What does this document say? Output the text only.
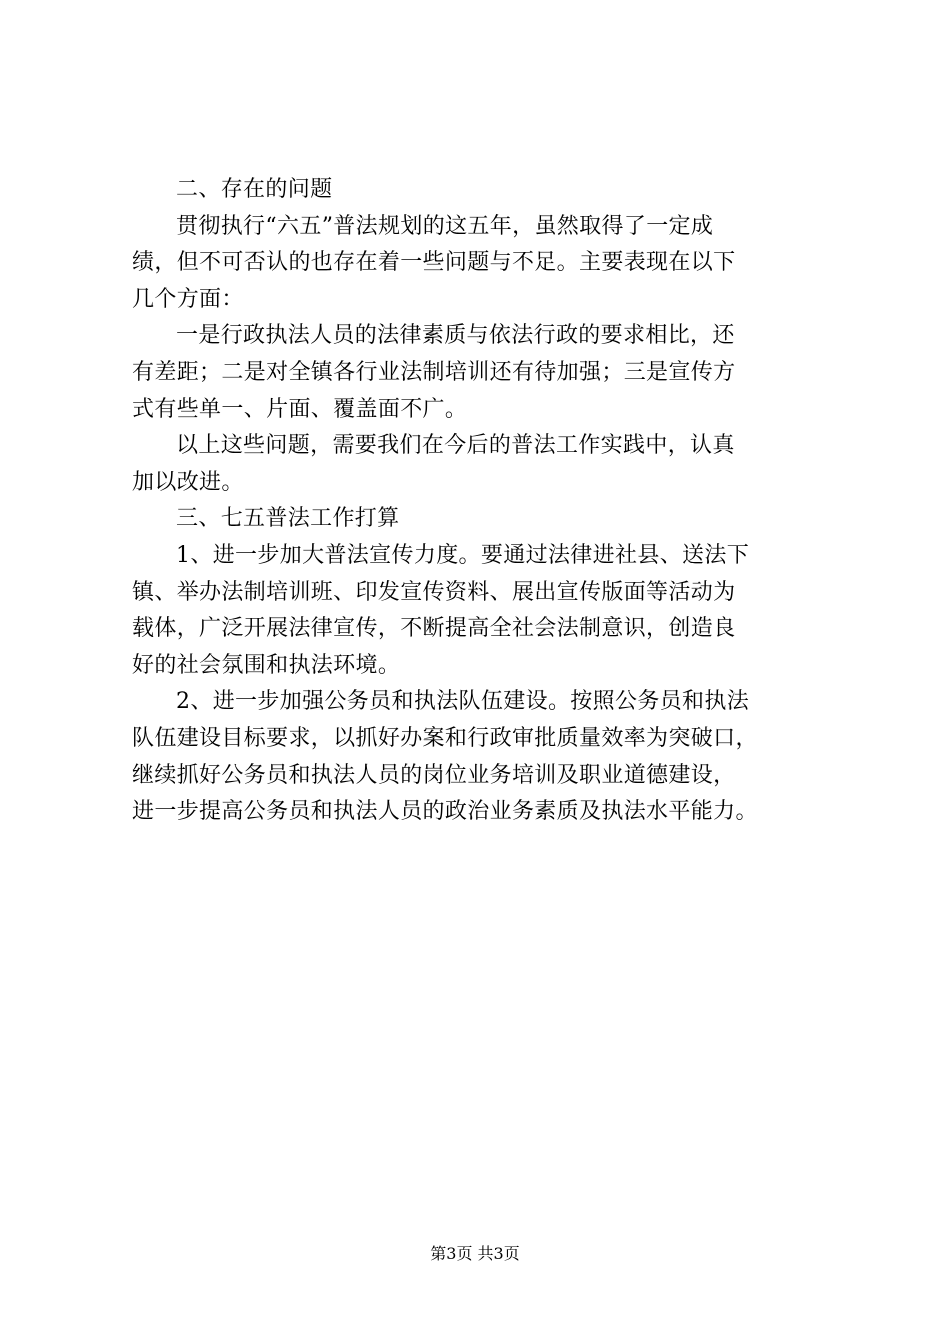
二、存在的问题
贯彻执行“六五”普法规划的这五年，虽然取得了一定成
绩，但不可否认的也存在着一些问题与不足。主要表现在以下
几个方面：
一是行政执法人员的法律素质与依法行政的要求相比，还
有差距；二是对全镇各行业法制培训还有待加强；三是宣传方
式有些单一、片面、覆盖面不广。
以上这些问题，需要我们在今后的普法工作实践中，认真
加以改进。
三、七五普法工作打算
1、进一步加大普法宣传力度。要通过法律进社县、送法下
镇、举办法制培训班、印发宣传资料、展出宣传版面等活动为
载体，广泛开展法律宣传，不断提高全社会法制意识，创造良
好的社会氛围和执法环境。
2、进一步加强公务员和执法队伍建设。按照公务员和执法
队伍建设目标要求，以抓好办案和行政审批质量效率为突破口，
继续抓好公务员和执法人员的岗位业务培训及职业道德建设，
进一步提高公务员和执法人员的政治业务素质及执法水平能力。
第3页 共3页
